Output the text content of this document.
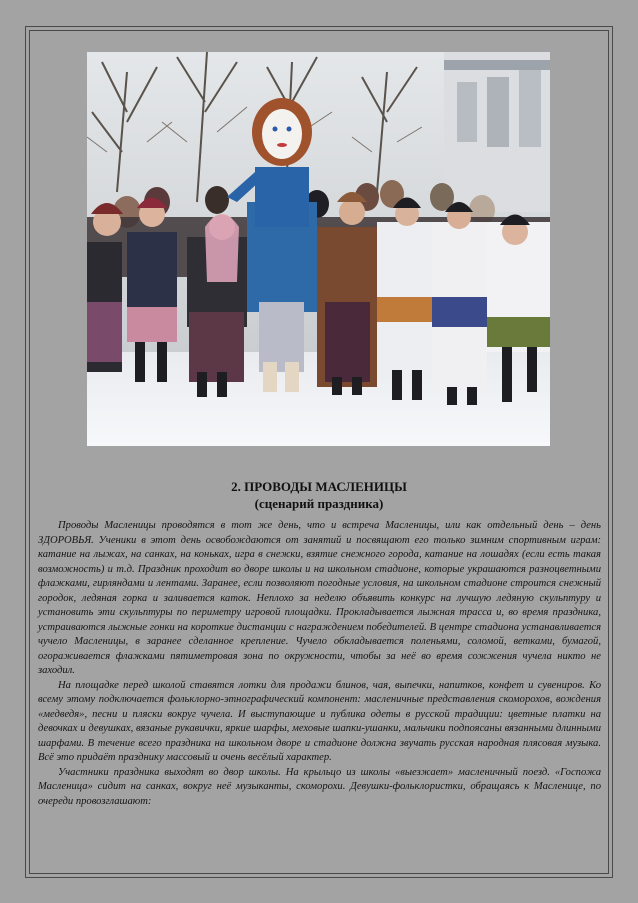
2. ПРОВОДЫ МАСЛЕНИЦЫ
(сценарий праздника)

Проводы Масленицы проводятся в тот же день, что и встреча Масленицы, или как отдельный день – день ЗДОРОВЬЯ. Ученики в этот день освобождаются от занятий и посвящают его только зимним спортивным играм: катание на лыжах, на санках, на коньках, игра в снежки, взятие снежного города, катание на лошадях (если есть такая возможность) и т.д. Праздник проходит во дворе школы и на школьном стадионе, которые украшаются разноцветными флажками, гирляндами и лентами. Заранее, если позволяют погодные условия, на школьном стадионе строится снежный городок, ледяная горка и заливается каток. Неплохо за неделю объявить конкурс на лучшую ледяную скульптуру и установить эти скульптуры по периметру игровой площадки. Прокладывается лыжная трасса и, во время праздника, устраиваются лыжные гонки на короткие дистанции с награждением победителей. В центре стадиона устанавливается чучело Масленицы, в заранее сделанное крепление. Чучело обкладывается поленьями, соломой, ветками, бумагой, огораживается флажками пятиметровая зона по окружности, чтобы за неё во время сожжения чучела никто не заходил.

На площадке перед школой ставятся лотки для продажи блинов, чая, выпечки, напитков, конфет и сувениров. Ко всему этому подключается фольклорно-этнографический компонент: масленичные представления скоморохов, вождения «медведя», песни и пляски вокруг чучела. И выступающие и публика одеты в русской традиции: цветные платки на девочках и девушках, вязаные рукавички, яркие шарфы, меховые шапки-ушанки, мальчики подпоясаны вязанными длинными шарфами. В течение всего праздника на школьном дворе и стадионе должна звучать русская народная плясовая музыка. Всё это придаёт празднику массовый и очень весёлый характер.

Участники праздника выходят во двор школы. На крыльцо из школы «выезжает» масленичный поезд. «Госпожа Масленица» сидит на санках, вокруг неё музыканты, скоморохи. Девушки-фольклористки, обращаясь к Масленице, по очереди провозглашают:
